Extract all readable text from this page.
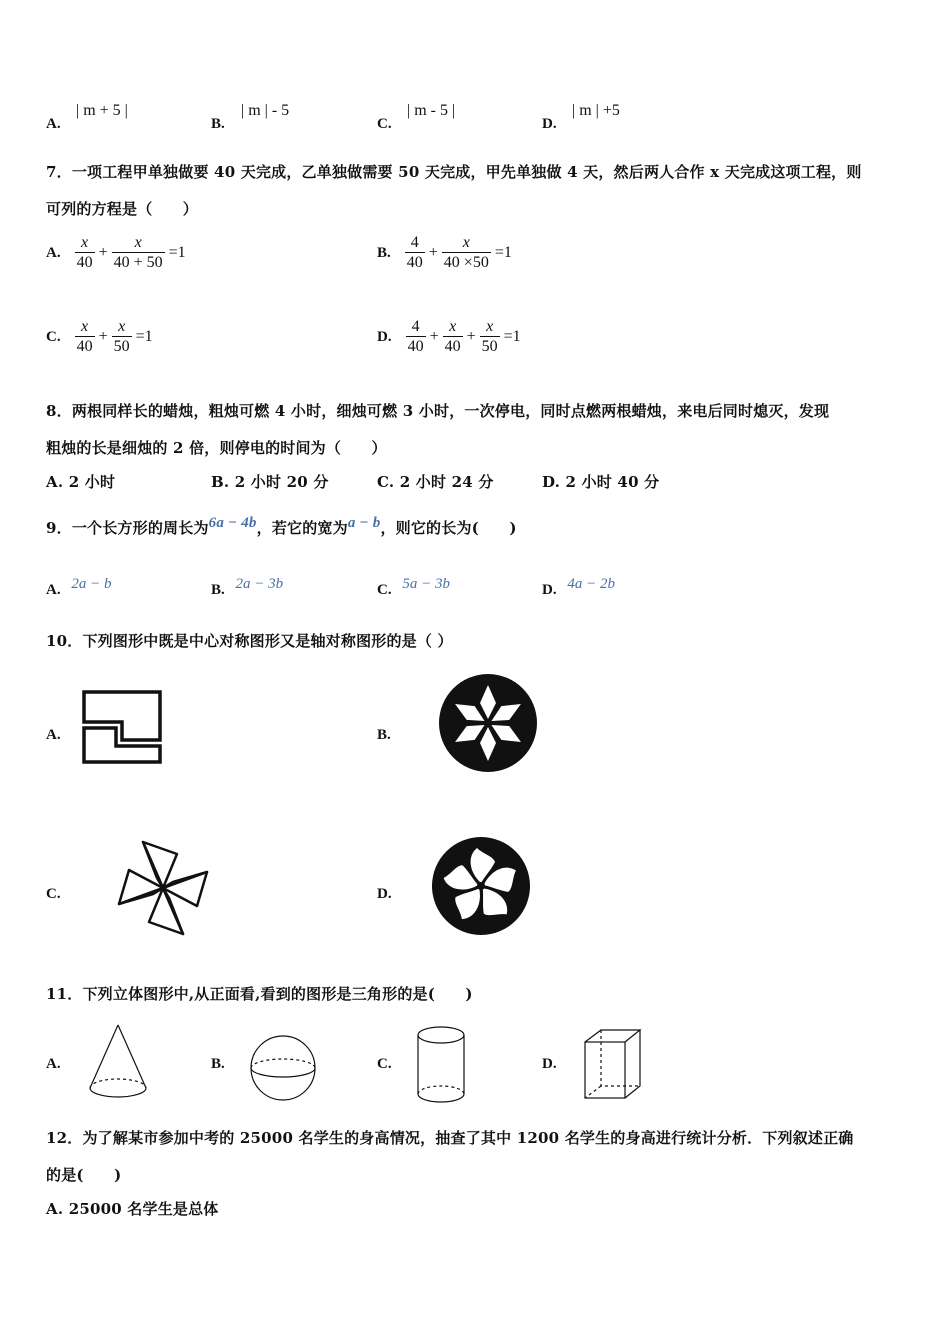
A.
| m + 5 |
B.
| m | - 5
C.
| m - 5 |
D.
| m | +5
7．一项工程甲单独做要 40 天完成，乙单独做需要 50 天完成，甲先单独做 4 天，然后两人合作 x 天完成这项工程，则
可列的方程是（　　）
A. $\frac{x}{40} + \frac{x}{40 + 50} =1$	B. $\frac{4}{40} + \frac{x}{40 \times 50} =1$
C. $\frac{x}{40} + \frac{x}{50} =1$	D. $\frac{4}{40} + \frac{x}{40} + \frac{x}{50} =1$
8．两根同样长的蜡烛，粗烛可燃 4 小时，细烛可燃 3 小时，一次停电，同时点燃两根蜡烛，来电后同时熄灭，发现
粗烛的长是细烛的 2 倍，则停电的时间为（　　）
A. 2 小时	B. 2 小时 20 分	C. 2 小时 24 分	D. 2 小时 40 分
9．一个长方形的周长为6a − 4b，若它的宽为a − b，则它的长为(　　)
A. 2a − b	B. 2a − 3b	C. 5a − 3b	D. 4a − 2b
10．下列图形中既是中心对称图形又是轴对称图形的是（ ）
A.	B.
C.	D.
11．下列立体图形中,从正面看,看到的图形是三角形的是(　　)
A.	B.	C.	D.
12．为了解某市参加中考的 25000 名学生的身高情况，抽查了其中 1200 名学生的身高进行统计分析．下列叙述正确
的是(　　)
A. 25000 名学生是总体
